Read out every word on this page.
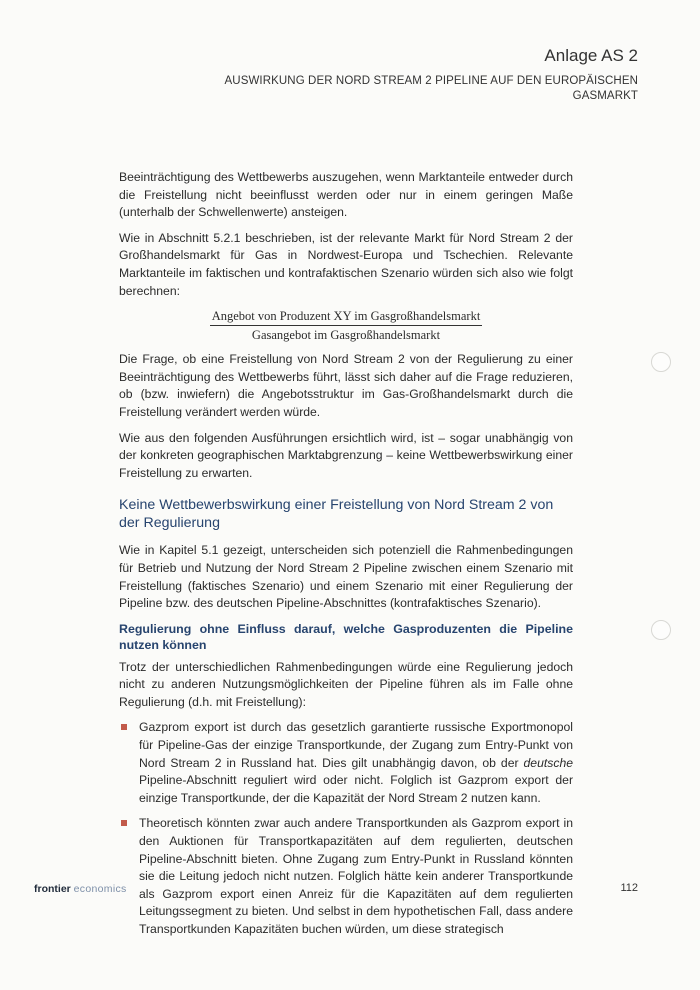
Anlage AS 2
AUSWIRKUNG DER NORD STREAM 2 PIPELINE AUF DEN EUROPÄISCHEN GASMARKT

Beeinträchtigung des Wettbewerbs auszugehen, wenn Marktanteile entweder durch die Freistellung nicht beeinflusst werden oder nur in einem geringen Maße (unterhalb der Schwellenwerte) ansteigen.

Wie in Abschnitt 5.2.1 beschrieben, ist der relevante Markt für Nord Stream 2 der Großhandelsmarkt für Gas in Nordwest-Europa und Tschechien. Relevante Marktanteile im faktischen und kontrafaktischen Szenario würden sich also wie folgt berechnen:

Angebot von Produzent XY im Gasgroßhandelsmarkt
Gasangebot im Gasgroßhandelsmarkt

Die Frage, ob eine Freistellung von Nord Stream 2 von der Regulierung zu einer Beeinträchtigung des Wettbewerbs führt, lässt sich daher auf die Frage reduzieren, ob (bzw. inwiefern) die Angebotsstruktur im Gas-Großhandelsmarkt durch die Freistellung verändert werden würde.

Wie aus den folgenden Ausführungen ersichtlich wird, ist – sogar unabhängig von der konkreten geographischen Marktabgrenzung – keine Wettbewerbswirkung einer Freistellung zu erwarten.

Keine Wettbewerbswirkung einer Freistellung von Nord Stream 2 von der Regulierung

Wie in Kapitel 5.1 gezeigt, unterscheiden sich potenziell die Rahmenbedingungen für Betrieb und Nutzung der Nord Stream 2 Pipeline zwischen einem Szenario mit Freistellung (faktisches Szenario) und einem Szenario mit einer Regulierung der Pipeline bzw. des deutschen Pipeline-Abschnittes (kontrafaktisches Szenario).

Regulierung ohne Einfluss darauf, welche Gasproduzenten die Pipeline nutzen können

Trotz der unterschiedlichen Rahmenbedingungen würde eine Regulierung jedoch nicht zu anderen Nutzungsmöglichkeiten der Pipeline führen als im Falle ohne Regulierung (d.h. mit Freistellung):

Gazprom export ist durch das gesetzlich garantierte russische Exportmonopol für Pipeline-Gas der einzige Transportkunde, der Zugang zum Entry-Punkt von Nord Stream 2 in Russland hat. Dies gilt unabhängig davon, ob der deutsche Pipeline-Abschnitt reguliert wird oder nicht. Folglich ist Gazprom export der einzige Transportkunde, der die Kapazität der Nord Stream 2 nutzen kann.
Theoretisch könnten zwar auch andere Transportkunden als Gazprom export in den Auktionen für Transportkapazitäten auf dem regulierten, deutschen Pipeline-Abschnitt bieten. Ohne Zugang zum Entry-Punkt in Russland könnten sie die Leitung jedoch nicht nutzen. Folglich hätte kein anderer Transportkunde als Gazprom export einen Anreiz für die Kapazitäten auf dem regulierten Leitungssegment zu bieten. Und selbst in dem hypothetischen Fall, dass andere Transportkunden Kapazitäten buchen würden, um diese strategisch
frontier economics	112
